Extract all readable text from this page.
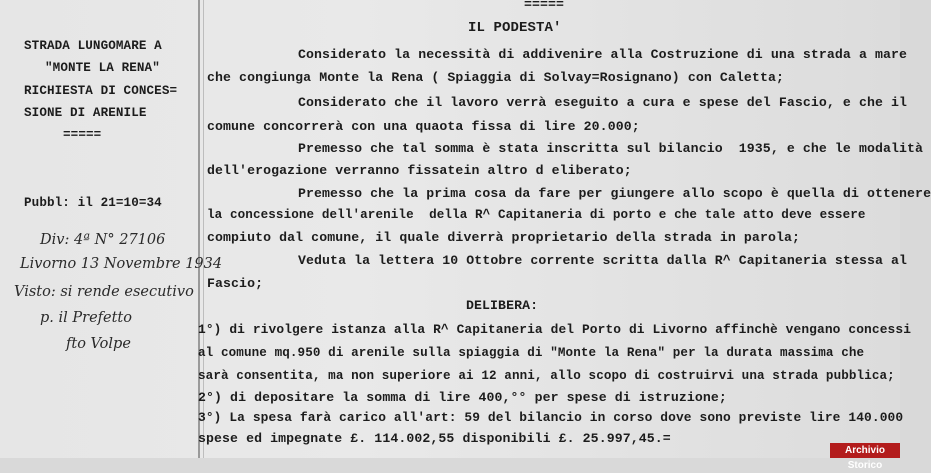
=====
IL PODESTA'
STRADA LUNGOMARE A
"MONTE LA RENA"
RICHIESTA DI CONCES=
SIONE DI ARENILE
=====
Pubbl: il 21=10=34
Div: 4ª N° 27106
Livorno 13 Novembre 1934
Visto: si rende esecutivo
p. il Prefetto
fto Volpe
Considerato la necessità di addivenire alla Costruzione di una strada a mare
che congiunga Monte la Rena ( Spiaggia di Solvay=Rosignano) con Caletta;
Considerato che il lavoro verrà eseguito a cura e spese del Fascio, e che il
comune concorrerà con una quaota fissa di lire 20.000;
Premesso che tal somma è stata inscritta sul bilancio  1935, e che le modalità
dell'erogazione verranno fissatein altro d eliberato;
Premesso che la prima cosa da fare per giungere allo scopo è quella di ottenere
la concessione dell'arenile  della R^ Capitaneria di porto e che tale atto deve essere
compiuto dal comune, il quale diverrà proprietario della strada in parola;
Veduta la lettera 10 Ottobre corrente scritta dalla R^ Capitaneria stessa al
Fascio;
DELIBERA:
1°) di rivolgere istanza alla R^ Capitaneria del Porto di Livorno affinchè vengano concessi
al comune mq.950 di arenile sulla spiaggia di "Monte la Rena" per la durata massima che
sarà consentita, ma non superiore ai 12 anni, allo scopo di costruirvi una strada pubblica;
2°) di depositare la somma di lire 400,°° per spese di istruzione;
3°) La spesa farà carico all'art: 59 del bilancio in corso dove sono previste lire 140.000
spese ed impegnate £. 114.002,55 disponibili £. 25.997,45.=
Archivio Storico
